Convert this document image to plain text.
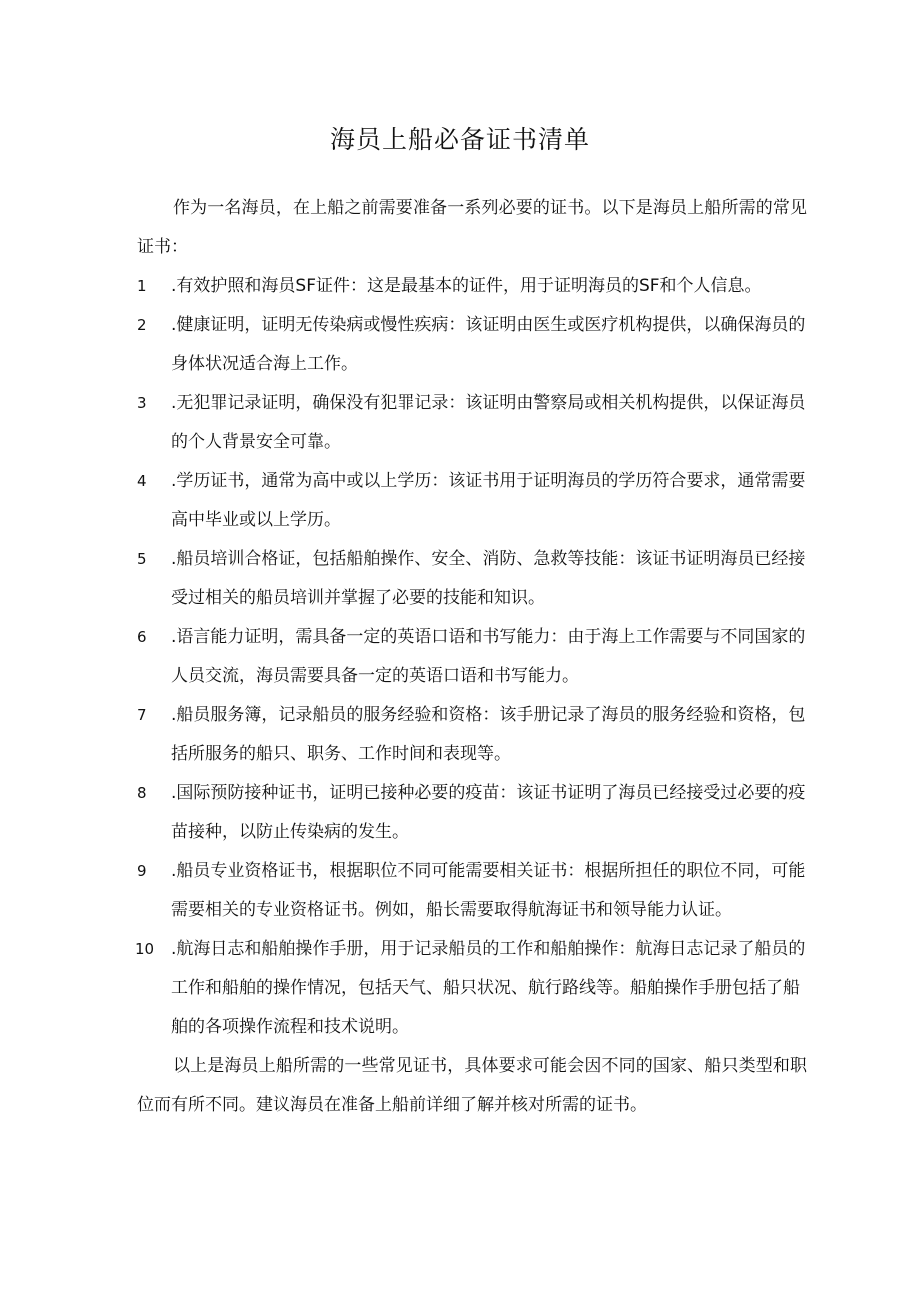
海员上船必备证书清单

作为一名海员，在上船之前需要准备一系列必要的证书。以下是海员上船所需的常见证书：

1 .有效护照和海员SF证件：这是最基本的证件，用于证明海员的SF和个人信息。
2 .健康证明，证明无传染病或慢性疾病：该证明由医生或医疗机构提供，以确保海员的身体状况适合海上工作。
3 .无犯罪记录证明，确保没有犯罪记录：该证明由警察局或相关机构提供，以保证海员的个人背景安全可靠。
4 .学历证书，通常为高中或以上学历：该证书用于证明海员的学历符合要求，通常需要高中毕业或以上学历。
5 .船员培训合格证，包括船舶操作、安全、消防、急救等技能：该证书证明海员已经接受过相关的船员培训并掌握了必要的技能和知识。
6 .语言能力证明，需具备一定的英语口语和书写能力：由于海上工作需要与不同国家的人员交流，海员需要具备一定的英语口语和书写能力。
7 .船员服务簿，记录船员的服务经验和资格：该手册记录了海员的服务经验和资格，包括所服务的船只、职务、工作时间和表现等。
8 .国际预防接种证书，证明已接种必要的疫苗：该证书证明了海员已经接受过必要的疫苗接种，以防止传染病的发生。
9 .船员专业资格证书，根据职位不同可能需要相关证书：根据所担任的职位不同，可能需要相关的专业资格证书。例如，船长需要取得航海证书和领导能力认证。
10 .航海日志和船舶操作手册，用于记录船员的工作和船舶操作：航海日志记录了船员的工作和船舶的操作情况，包括天气、船只状况、航行路线等。船舶操作手册包括了船舶的各项操作流程和技术说明。

以上是海员上船所需的一些常见证书，具体要求可能会因不同的国家、船只类型和职位而有所不同。建议海员在准备上船前详细了解并核对所需的证书。
